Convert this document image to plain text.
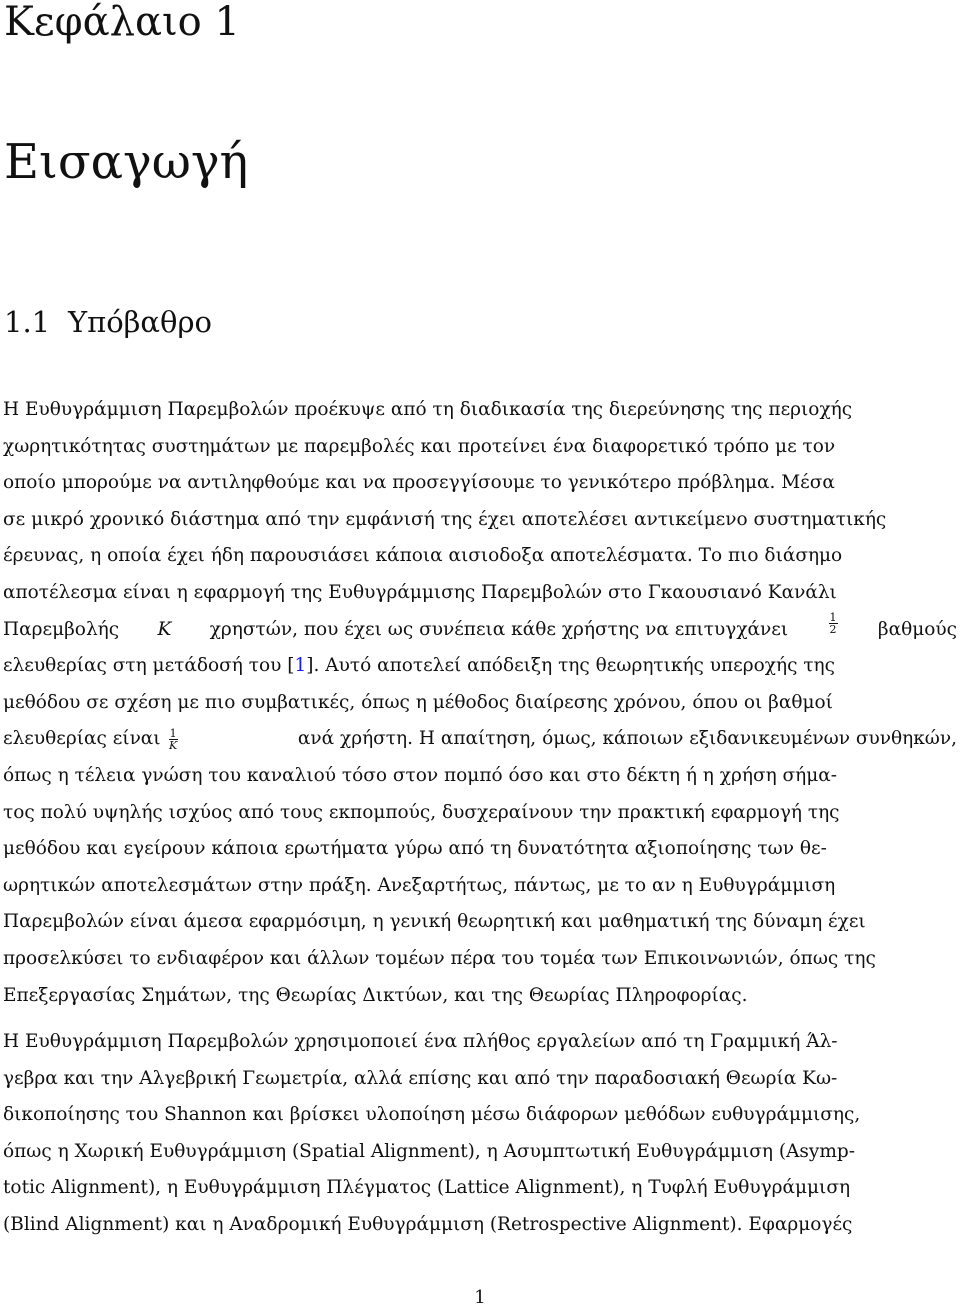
Κεφάλαιο 1
Εισαγωγή
1.1 Υπόβαθρο
Η Ευθυγράμμιση Παρεμβολών προέκυψε από τη διαδικασία της διερεύνησης της περιοχής
χωρητικότητας συστημάτων με παρεμβολές και προτείνει ένα διαφορετικό τρόπο με τον
οποίο μπορούμε να αντιληφθούμε και να προσεγγίσουμε το γενικότερο πρόβλημα. Μέσα
σε μικρό χρονικό διάστημα από την εμφάνισή της έχει αποτελέσει αντικείμενο συστηματικής
έρευνας, η οποία έχει ήδη παρουσιάσει κάποια αισιοδοξα αποτελέσματα. Το πιο διάσημο
αποτέλεσμα είναι η εφαρμογή της Ευθυγράμμισης Παρεμβολών στο Γκαουσιανό Κανάλι
Παρεμβολής K χρηστών, που έχει ως συνέπεια κάθε χρήστης να επιτυγχάνει	$\frac{1}{2}$ βαθμούς
ελευθερίας στη μετάδοσή του [1]. Αυτό αποτελεί απόδειξη της θεωρητικής υπεροχής της
μεθόδου σε σχέση με πιο συμβατικές, όπως η μέθοδος διαίρεσης χρόνου, όπου οι βαθμοί
ελευθερίας είναι $\frac{1}{K}$	ανά χρήστη. Η απαίτηση, όμως, κάποιων εξιδανικευμένων συνθηκών,
όπως η τέλεια γνώση του καναλιού τόσο στον πομπό όσο και στο δέκτη ή η χρήση σήμα-
τος πολύ υψηλής ισχύος από τους εκπομπούς, δυσχεραίνουν την πρακτική εφαρμογή της
μεθόδου και εγείρουν κάποια ερωτήματα γύρω από τη δυνατότητα αξιοποίησης των θε-
ωρητικών αποτελεσμάτων στην πράξη. Ανεξαρτήτως, πάντως, με το αν η Ευθυγράμμιση
Παρεμβολών είναι άμεσα εφαρμόσιμη, η γενική θεωρητική και μαθηματική της δύναμη έχει
προσελκύσει το ενδιαφέρον και άλλων τομέων πέρα του τομέα των Επικοινωνιών, όπως της
Επεξεργασίας Σημάτων, της Θεωρίας Δικτύων, και της Θεωρίας Πληροφορίας.
Η Ευθυγράμμιση Παρεμβολών χρησιμοποιεί ένα πλήθος εργαλείων από τη Γραμμική Άλ-
γεβρα και την Αλγεβρική Γεωμετρία, αλλά επίσης και από την παραδοσιακή Θεωρία Κω-
δικοποίησης του Shannon και βρίσκει υλοποίηση μέσω διάφορων μεθόδων ευθυγράμμισης,
όπως η Χωρική Ευθυγράμμιση (Spatial Alignment), η Ασυμπτωτική Ευθυγράμμιση (Asymp-
totic Alignment), η Ευθυγράμμιση Πλέγματος (Lattice Alignment), η Τυφλή Ευθυγράμμιση
(Blind Alignment) και η Αναδρομική Ευθυγράμμιση (Retrospective Alignment). Εφαρμογές
1
